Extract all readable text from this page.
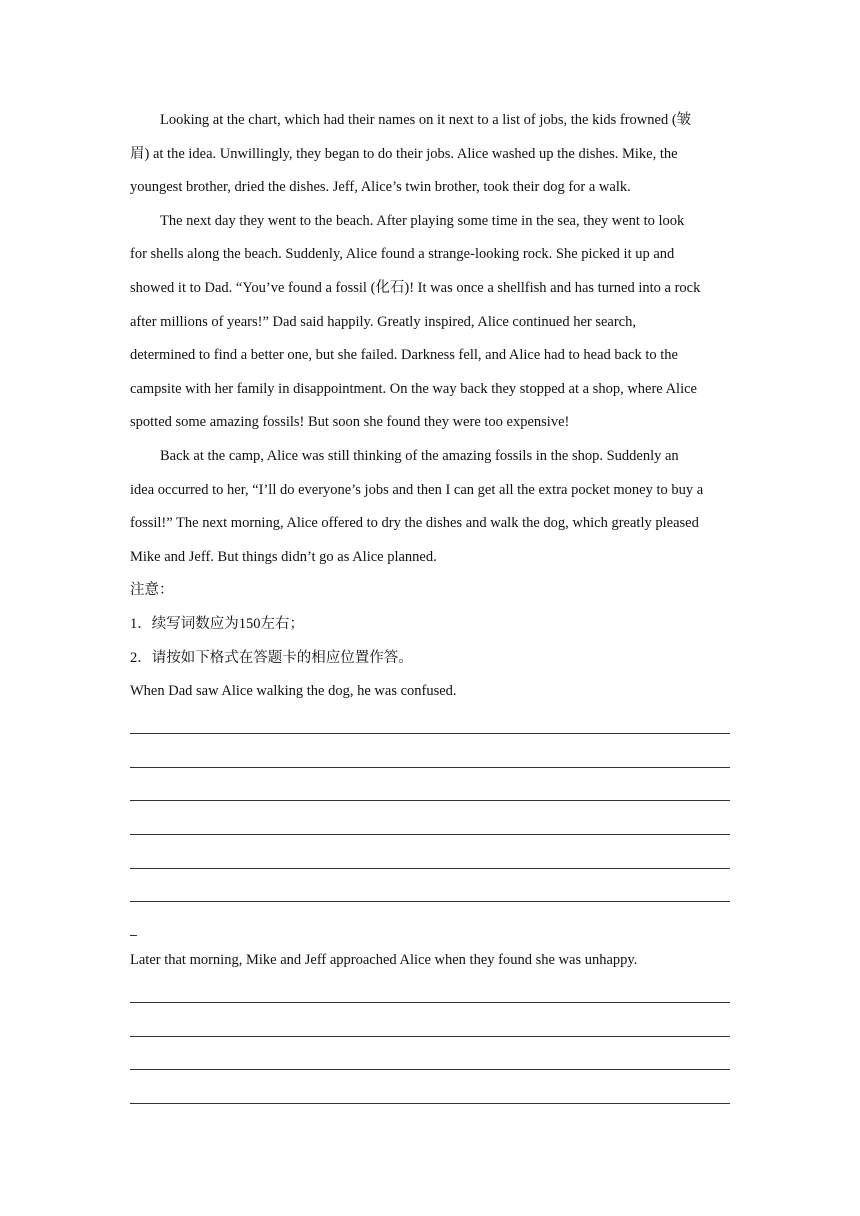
Looking at the chart, which had their names on it next to a list of jobs, the kids frowned (皱
眉) at the idea. Unwillingly, they began to do their jobs. Alice washed up the dishes. Mike, the
youngest brother, dried the dishes. Jeff, Alice’s twin brother, took their dog for a walk.
The next day they went to the beach. After playing some time in the sea, they went to look
for shells along the beach. Suddenly, Alice found a strange-looking rock. She picked it up and
showed it to Dad. “You’ve found a fossil (化石)! It was once a shellfish and has turned into a rock
after millions of years!” Dad said happily. Greatly inspired, Alice continued her search,
determined to find a better one, but she failed. Darkness fell, and Alice had to head back to the
campsite with her family in disappointment. On the way back they stopped at a shop, where Alice
spotted some amazing fossils! But soon she found they were too expensive!
Back at the camp, Alice was still thinking of the amazing fossils in the shop. Suddenly an
idea occurred to her, “I’ll do everyone’s jobs and then I can get all the extra pocket money to buy a
fossil!” The next morning, Alice offered to dry the dishes and walk the dog, which greatly pleased
Mike and Jeff. But things didn’t go as Alice planned.
注意：
1．续写词数应为150左右；
2．请按如下格式在答题卡的相应位置作答。
When Dad saw Alice walking the dog, he was confused.
Later that morning, Mike and Jeff approached Alice when they found she was unhappy.
